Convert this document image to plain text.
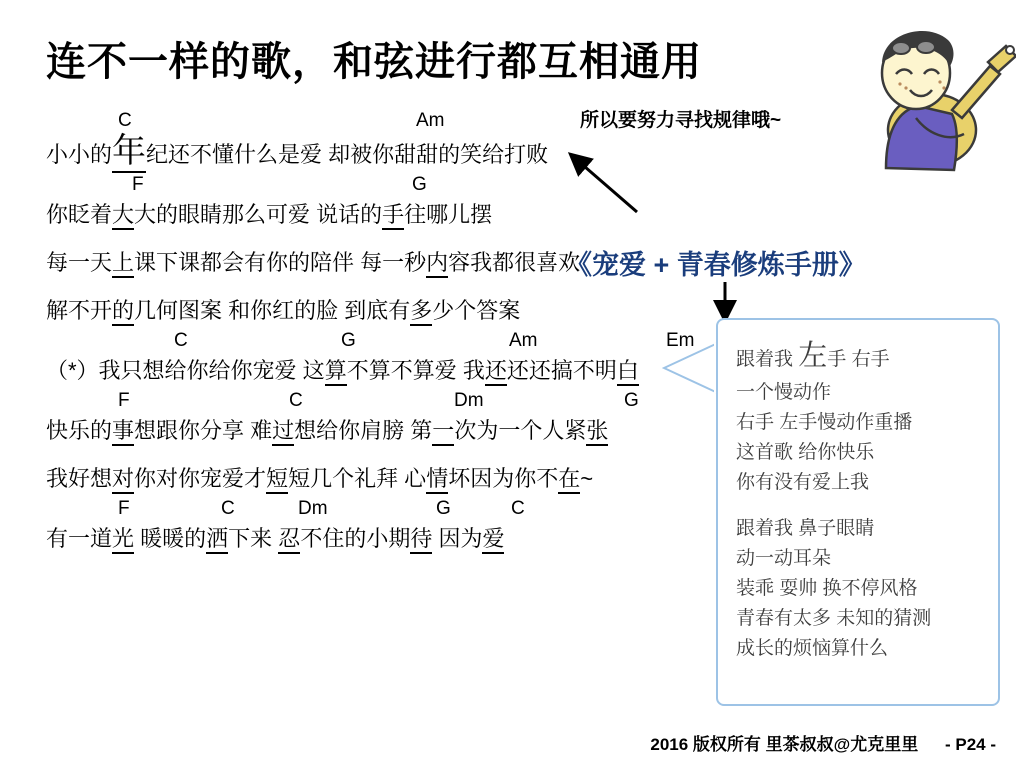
连不一样的歌，和弦进行都互相通用
C	Am
小小的年纪还不懂什么是爱 却被你甜甜的笑给打败
F	G
你眨着大大的眼睛那么可爱 说话的手往哪儿摆
每一天上课下课都会有你的陪伴 每一秒内容我都很喜欢
解不开的几何图案 和你红的脸 到底有多少个答案
C	G	Am	Em
（*）我只想给你给你宠爱 这算不算不算爱 我还还还搞不明白
F	C	Dm	G
快乐的事想跟你分享 难过想给你肩膀 第一次为一个人紧张
我好想对你对你宠爱才短短几个礼拜 心情坏因为你不在~
F	C	Dm	G	C
有一道光 暖暖的洒下来 忍不住的小期待 因为爱
所以要努力寻找规律哦~
《宠爱 + 青春修炼手册》
跟着我 左手 右手
一个慢动作
右手 左手慢动作重播
这首歌 给你快乐
你有没有爱上我
跟着我 鼻子眼睛
动一动耳朵
装乖 耍帅 换不停风格
青春有太多 未知的猜测
成长的烦恼算什么
2016 版权所有 里茶叔叔@尤克里里 - P24 -
